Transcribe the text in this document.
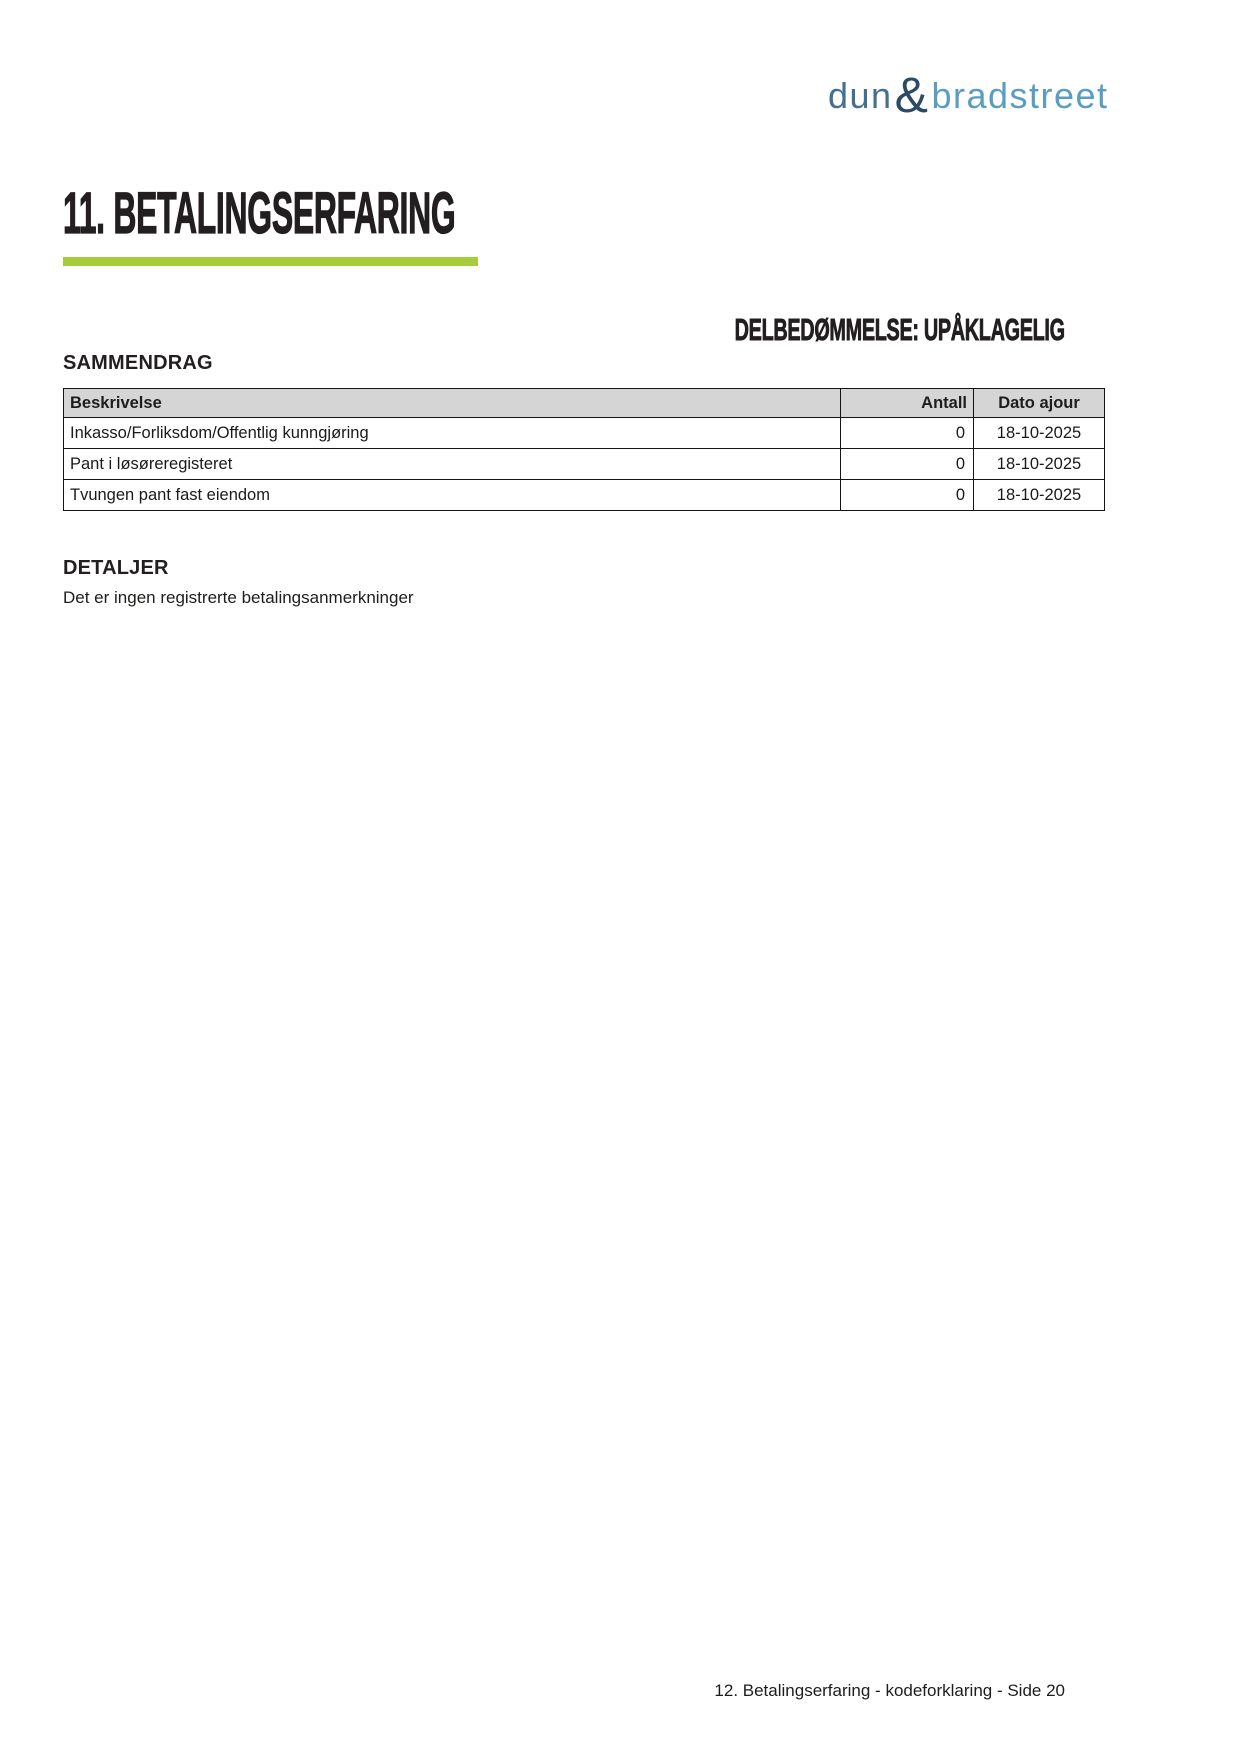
dun&bradstreet
11. BETALINGSERFARING
DELBEDØMMELSE: UPÅKLAGELIG
SAMMENDRAG
Beskrivelse	Antall	Dato ajour
Inkasso/Forliksdom/Offentlig kunngjøring	0	18-10-2025
Pant i løsøreregisteret	0	18-10-2025
Tvungen pant fast eiendom	0	18-10-2025
DETALJER
Det er ingen registrerte betalingsanmerkninger
12. Betalingserfaring - kodeforklaring - Side 20
